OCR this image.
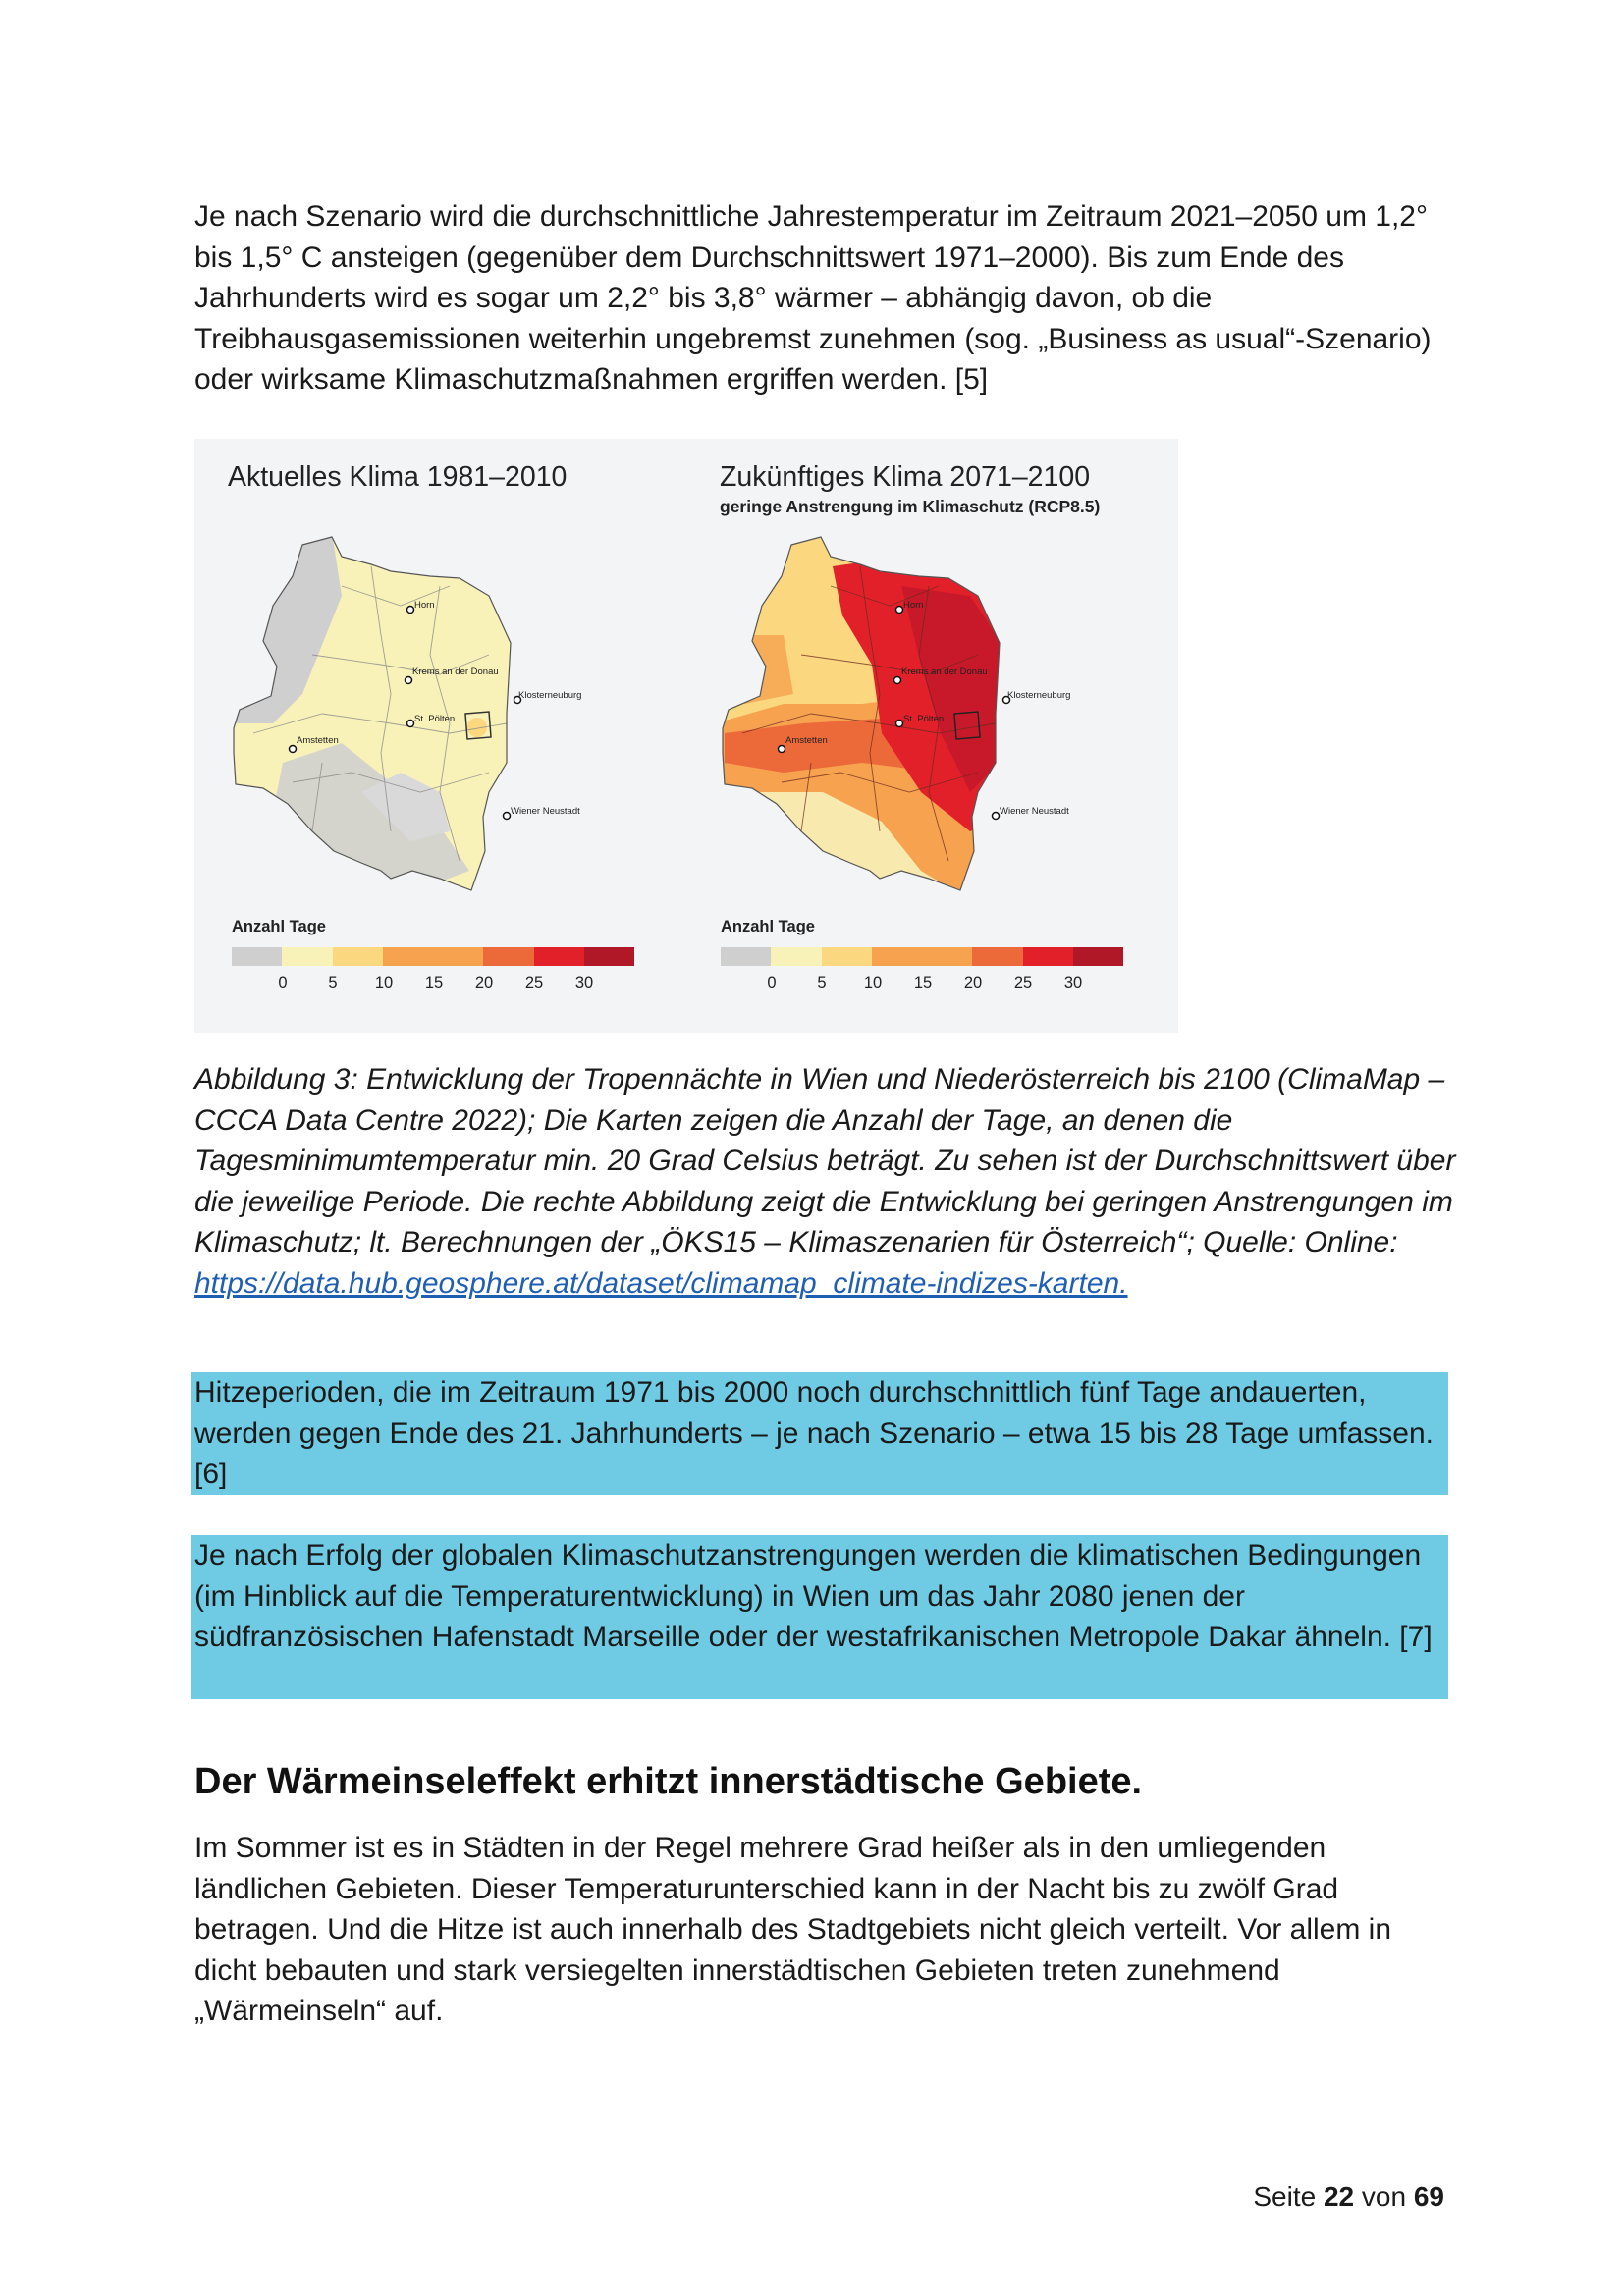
Je nach Szenario wird die durchschnittliche Jahrestemperatur im Zeitraum 2021–2050 um 1,2° bis 1,5° C ansteigen (gegenüber dem Durchschnittswert 1971–2000). Bis zum Ende des Jahrhunderts wird es sogar um 2,2° bis 3,8° wärmer – abhängig davon, ob die Treibhausgasemissionen weiterhin ungebremst zunehmen (sog. „Business as usual“-Szenario) oder wirksame Klimaschutzmaßnahmen ergriffen werden. [5]

Aktuelles Klima 1981–2010	Zukünftiges Klima 2071–2100
geringe Anstrengung im Klimaschutz (RCP8.5)
Horn
Krems an der Donau
Klosterneuburg
St. Pölten
Amstetten
Wiener Neustadt
Horn
Krems an der Donau
Klosterneuburg
St. Pölten
Amstetten
Wiener Neustadt
Anzahl Tage
0	5 10 15 20 25 30
Anzahl Tage
0	5 10 15 20 25 30

Abbildung 3: Entwicklung der Tropennächte in Wien und Niederösterreich bis 2100 (ClimaMap – CCCA Data Centre 2022); Die Karten zeigen die Anzahl der Tage, an denen die Tagesminimumtemperatur min. 20 Grad Celsius beträgt. Zu sehen ist der Durchschnittswert über die jeweilige Periode. Die rechte Abbildung zeigt die Entwicklung bei geringen Anstrengungen im Klimaschutz; lt. Berechnungen der „ÖKS15 – Klimaszenarien für Österreich“; Quelle: Online: https://data.hub.geosphere.at/dataset/climamap_climate-indizes-karten.

Hitzeperioden, die im Zeitraum 1971 bis 2000 noch durchschnittlich fünf Tage andauerten, werden gegen Ende des 21. Jahrhunderts – je nach Szenario – etwa 15 bis 28 Tage umfassen. [6]

Je nach Erfolg der globalen Klimaschutzanstrengungen werden die klimatischen Bedingungen (im Hinblick auf die Temperaturentwicklung) in Wien um das Jahr 2080 jenen der südfranzösischen Hafenstadt Marseille oder der westafrikanischen Metropole Dakar ähneln. [7]

Der Wärmeinseleffekt erhitzt innerstädtische Gebiete.

Im Sommer ist es in Städten in der Regel mehrere Grad heißer als in den umliegenden ländlichen Gebieten. Dieser Temperaturunterschied kann in der Nacht bis zu zwölf Grad betragen. Und die Hitze ist auch innerhalb des Stadtgebiets nicht gleich verteilt. Vor allem in dicht bebauten und stark versiegelten innerstädtischen Gebieten treten zunehmend „Wärmeinseln“ auf.

Seite 22 von 69
